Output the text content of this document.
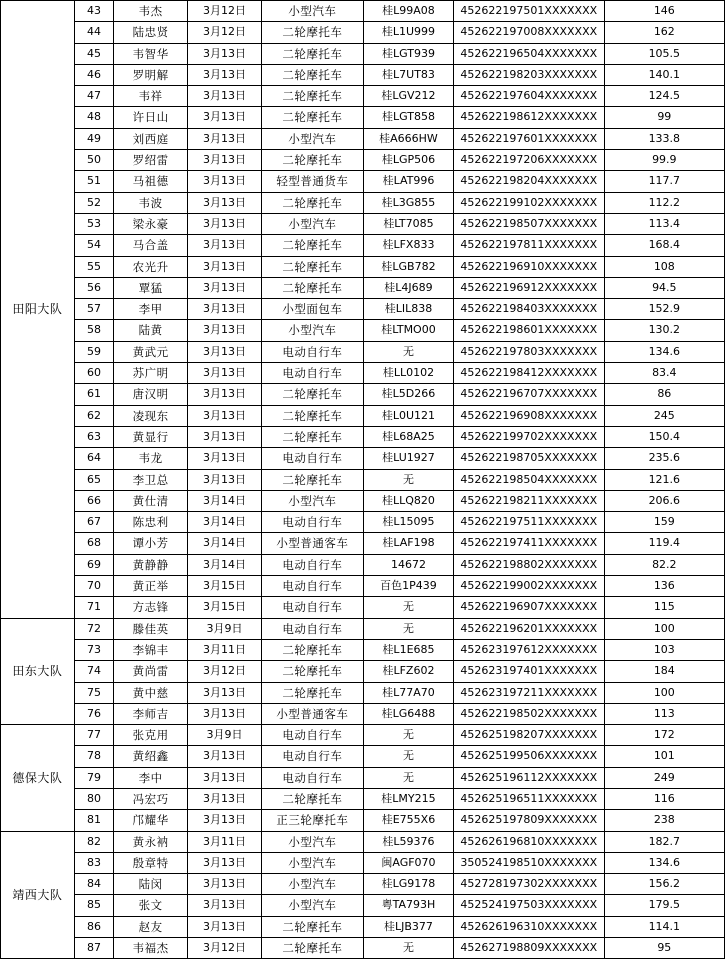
田阳大队	43	韦杰	3月12日	小型汽车	桂L99A08	452622197501XXXXXXX	146
	44	陆忠贤	3月12日	二轮摩托车	桂L1U999	452622197008XXXXXXX	162
	45	韦智华	3月13日	二轮摩托车	桂LGT939	452622196504XXXXXXX	105.5
	46	罗明解	3月13日	二轮摩托车	桂L7UT83	452622198203XXXXXXX	140.1
	47	韦祥	3月13日	二轮摩托车	桂LGV212	452622197604XXXXXXX	124.5
	48	许日山	3月13日	二轮摩托车	桂LGT858	452622198612XXXXXXX	99
	49	刘西庭	3月13日	小型汽车	桂A666HW	452622197601XXXXXXX	133.8
	50	罗绍雷	3月13日	二轮摩托车	桂LGP506	452622197206XXXXXXX	99.9
	51	马祖德	3月13日	轻型普通货车	桂LAT996	452622198204XXXXXXX	117.7
	52	韦波	3月13日	二轮摩托车	桂L3G855	452622199102XXXXXXX	112.2
	53	梁永豪	3月13日	小型汽车	桂LT7085	452622198507XXXXXXX	113.4
	54	马合盖	3月13日	二轮摩托车	桂LFX833	452622197811XXXXXXX	168.4
	55	农光升	3月13日	二轮摩托车	桂LGB782	452622196910XXXXXXX	108
	56	覃猛	3月13日	二轮摩托车	桂L4J689	452622196912XXXXXXX	94.5
	57	李甲	3月13日	小型面包车	桂LIL838	452622198403XXXXXXX	152.9
	58	陆黄	3月13日	小型汽车	桂LTMO00	452622198601XXXXXXX	130.2
	59	黄武元	3月13日	电动自行车	无	452622197803XXXXXXX	134.6
	60	苏广明	3月13日	电动自行车	桂LL0102	452622198412XXXXXXX	83.4
	61	唐汉明	3月13日	二轮摩托车	桂L5D266	452622196707XXXXXXX	86
	62	凌现东	3月13日	二轮摩托车	桂L0U121	452622196908XXXXXXX	245
	63	黄显行	3月13日	二轮摩托车	桂L68A25	452622199702XXXXXXX	150.4
	64	韦龙	3月13日	电动自行车	桂LU1927	452622198705XXXXXXX	235.6
	65	李卫总	3月13日	二轮摩托车	无	452622198504XXXXXXX	121.6
	66	黄仕清	3月14日	小型汽车	桂LLQ820	452622198211XXXXXXX	206.6
	67	陈忠利	3月14日	电动自行车	桂L15095	452622197511XXXXXXX	159
	68	谭小芳	3月14日	小型普通客车	桂LAF198	452622197411XXXXXXX	119.4
	69	黄静静	3月14日	电动自行车	14672	452622198802XXXXXXX	82.2
	70	黄正举	3月15日	电动自行车	百色1P439	452622199002XXXXXXX	136
	71	方志锋	3月15日	电动自行车	无	452622196907XXXXXXX	115
田东大队	72	滕佳英	3月9日	电动自行车	无	452622196201XXXXXXX	100
	73	李锦丰	3月11日	二轮摩托车	桂L1E685	452623197612XXXXXXX	103
	74	黄尚雷	3月12日	二轮摩托车	桂LFZ602	452623197401XXXXXXX	184
	75	黄中慈	3月13日	二轮摩托车	桂L77A70	452623197211XXXXXXX	100
	76	李师吉	3月13日	小型普通客车	桂LG6488	452622198502XXXXXXX	113
德保大队	77	张克用	3月9日	电动自行车	无	452625198207XXXXXXX	172
	78	黄绍鑫	3月13日	电动自行车	无	452625199506XXXXXXX	101
	79	李中	3月13日	电动自行车	无	452625196112XXXXXXX	249
	80	冯宏巧	3月13日	二轮摩托车	桂LMY215	452625196511XXXXXXX	116
	81	邝耀华	3月13日	正三轮摩托车	桂E755X6	452625197809XXXXXXX	238
靖西大队	82	黄永衲	3月11日	小型汽车	桂L59376	452626196810XXXXXXX	182.7
	83	殷章特	3月13日	小型汽车	闽AGF070	350524198510XXXXXXX	134.6
	84	陆闵	3月13日	小型汽车	桂LG9178	452728197302XXXXXXX	156.2
	85	张文	3月13日	小型汽车	粤TA793H	452524197503XXXXXXX	179.5
	86	赵友	3月13日	二轮摩托车	桂LJB377	452626196310XXXXXXX	114.1
	87	韦福杰	3月12日	二轮摩托车	无	452627198809XXXXXXX	95
